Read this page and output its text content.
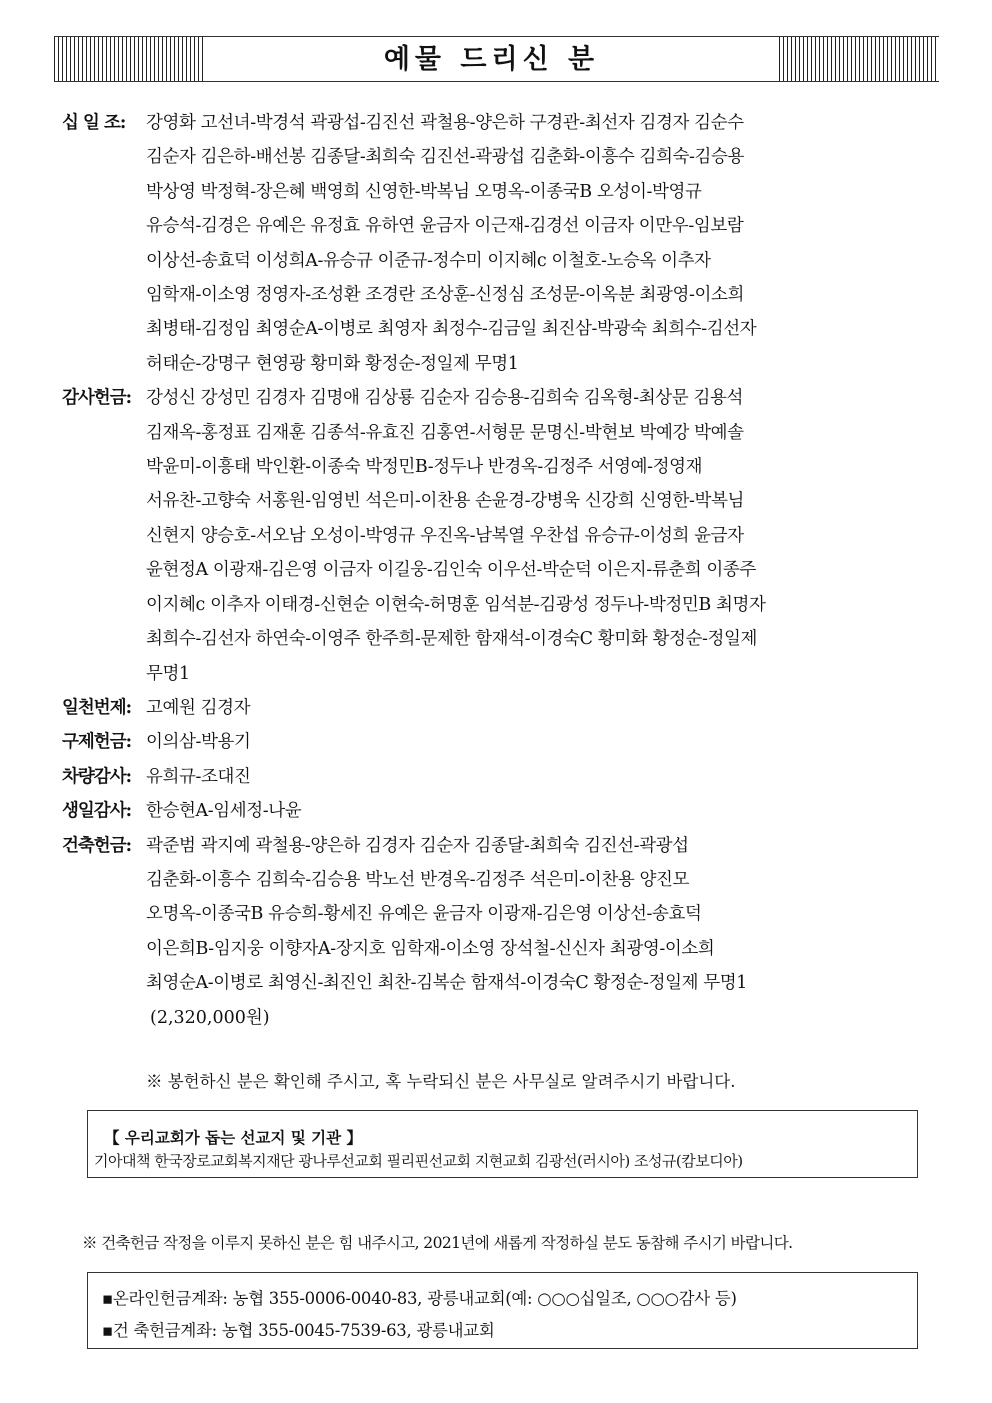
예물 드리신 분
십 일 조:	강영화 고선녀-박경석 곽광섭-김진선 곽철용-양은하 구경관-최선자 김경자 김순수
김순자 김은하-배선봉 김종달-최희숙 김진선-곽광섭 김춘화-이흥수 김희숙-김승용
박상영 박정혁-장은혜 백영희 신영한-박복님 오명옥-이종국B 오성이-박영규
유승석-김경은 유예은 유정효 유하연 윤금자 이근재-김경선 이금자 이만우-임보람
이상선-송효덕 이성희A-유승규 이준규-정수미 이지혜c 이철호-노승옥 이추자
임학재-이소영 정영자-조성환 조경란 조상훈-신정심 조성문-이옥분 최광영-이소희
최병태-김정임 최영순A-이병로 최영자 최정수-김금일 최진삼-박광숙 최희수-김선자
허태순-강명구 현영광 황미화 황정순-정일제 무명1
감사헌금: 강성신 강성민 김경자 김명애 김상룡 김순자 김승용-김희숙 김옥형-최상문 김용석
김재옥-홍정표 김재훈 김종석-유효진 김홍연-서형문 문명신-박현보 박예강 박예솔
박윤미-이흥태 박인환-이종숙 박정민B-정두나 반경옥-김정주 서영예-정영재
서유찬-고향숙 서홍원-임영빈 석은미-이찬용 손윤경-강병욱 신강희 신영한-박복님
신현지 양승호-서오남 오성이-박영규 우진옥-남복열 우찬섭 유승규-이성희 윤금자
윤현정A 이광재-김은영 이금자 이길웅-김인숙 이우선-박순덕 이은지-류춘희 이종주
이지혜c 이추자 이태경-신현순 이현숙-허명훈 임석분-김광성 정두나-박정민B 최명자
최희수-김선자 하연숙-이영주 한주희-문제한 함재석-이경숙C 황미화 황정순-정일제
무명1
일천번제: 고예원 김경자
구제헌금: 이의삼-박용기
차량감사: 유희규-조대진
생일감사: 한승현A-임세정-나윤
건축헌금: 곽준범 곽지예 곽철용-양은하 김경자 김순자 김종달-최희숙 김진선-곽광섭
김춘화-이흥수 김희숙-김승용 박노선 반경옥-김정주 석은미-이찬용 양진모
오명옥-이종국B 유승희-황세진 유예은 윤금자 이광재-김은영 이상선-송효덕
이은희B-임지웅 이향자A-장지호 임학재-이소영 장석철-신신자 최광영-이소희
최영순A-이병로 최영신-최진인 최찬-김복순 함재석-이경숙C 황정순-정일제 무명1
(2,320,000원)
※ 봉헌하신 분은 확인해 주시고, 혹 누락되신 분은 사무실로 알려주시기 바랍니다.
【 우리교회가 돕는 선교지 및 기관 】
기아대책 한국장로교회복지재단 광나루선교회 필리핀선교회 지현교회 김광선(러시아) 조성규(캄보디아)
※ 건축헌금 작정을 이루지 못하신 분은 힘 내주시고, 2021년에 새롭게 작정하실 분도 동참해 주시기 바랍니다.
▪온라인헌금계좌: 농협 355-0006-0040-83, 광릉내교회(예: ○○○십일조, ○○○감사 등)
▪건 축헌금계좌: 농협 355-0045-7539-63, 광릉내교회
